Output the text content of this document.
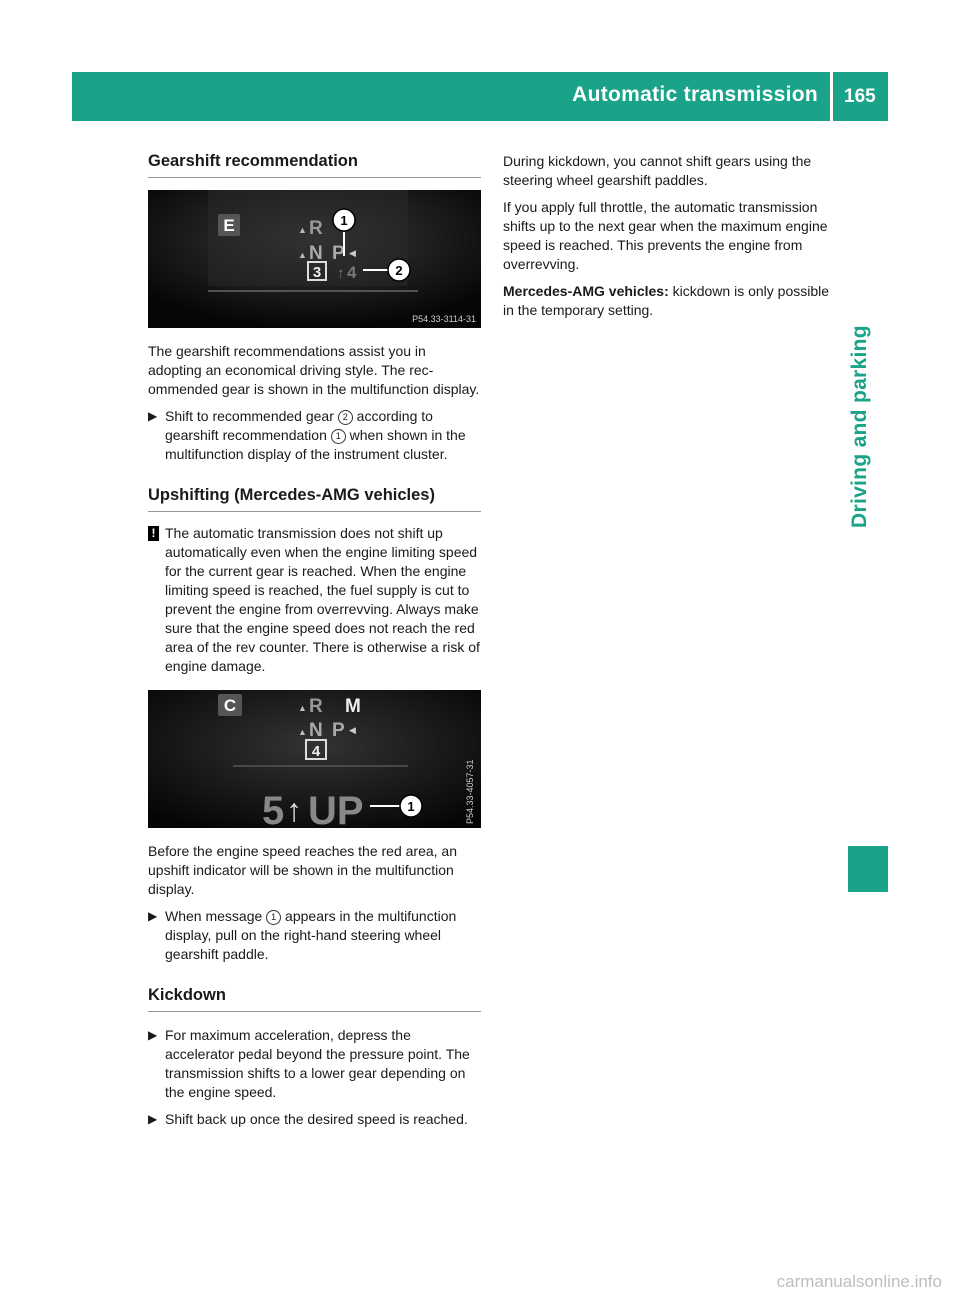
Automatic transmission 165
Driving and parking
Gearshift recommendation
E	▲ R
▲ N P ◀
3 ↑ 4
1
2
P54.33-3114-31

The gearshift recommendations assist you in adopting an economical driving style. The recommended gear is shown in the multifunction display.

▶ Shift to recommended gear 2 according to gearshift recommendation 1 when shown in the multifunction display of the instrument cluster.
Upshifting (Mercedes-AMG vehicles)
! The automatic transmission does not shift up automatically even when the engine limiting speed for the current gear is reached. When the engine limiting speed is reached, the fuel supply is cut to prevent the engine from overrevving. Always make sure that the engine speed does not reach the red area of the rev counter. There is otherwise a risk of engine damage.
C	▲ R M
▲ N P ◀
4
5 ↑ UP	1	P54.33-4057-31

Before the engine speed reaches the red area, an upshift indicator will be shown in the multifunction display.

▶ When message 1 appears in the multifunction display, pull on the right-hand steering wheel gearshift paddle.
Kickdown
▶ For maximum acceleration, depress the accelerator pedal beyond the pressure point. The transmission shifts to a lower gear depending on the engine speed.
▶ Shift back up once the desired speed is reached.

During kickdown, you cannot shift gears using the steering wheel gearshift paddles.

If you apply full throttle, the automatic transmission shifts up to the next gear when the maximum engine speed is reached. This prevents the engine from overrevving.

Mercedes-AMG vehicles: kickdown is only possible in the temporary setting.

carmanualsonline.info
